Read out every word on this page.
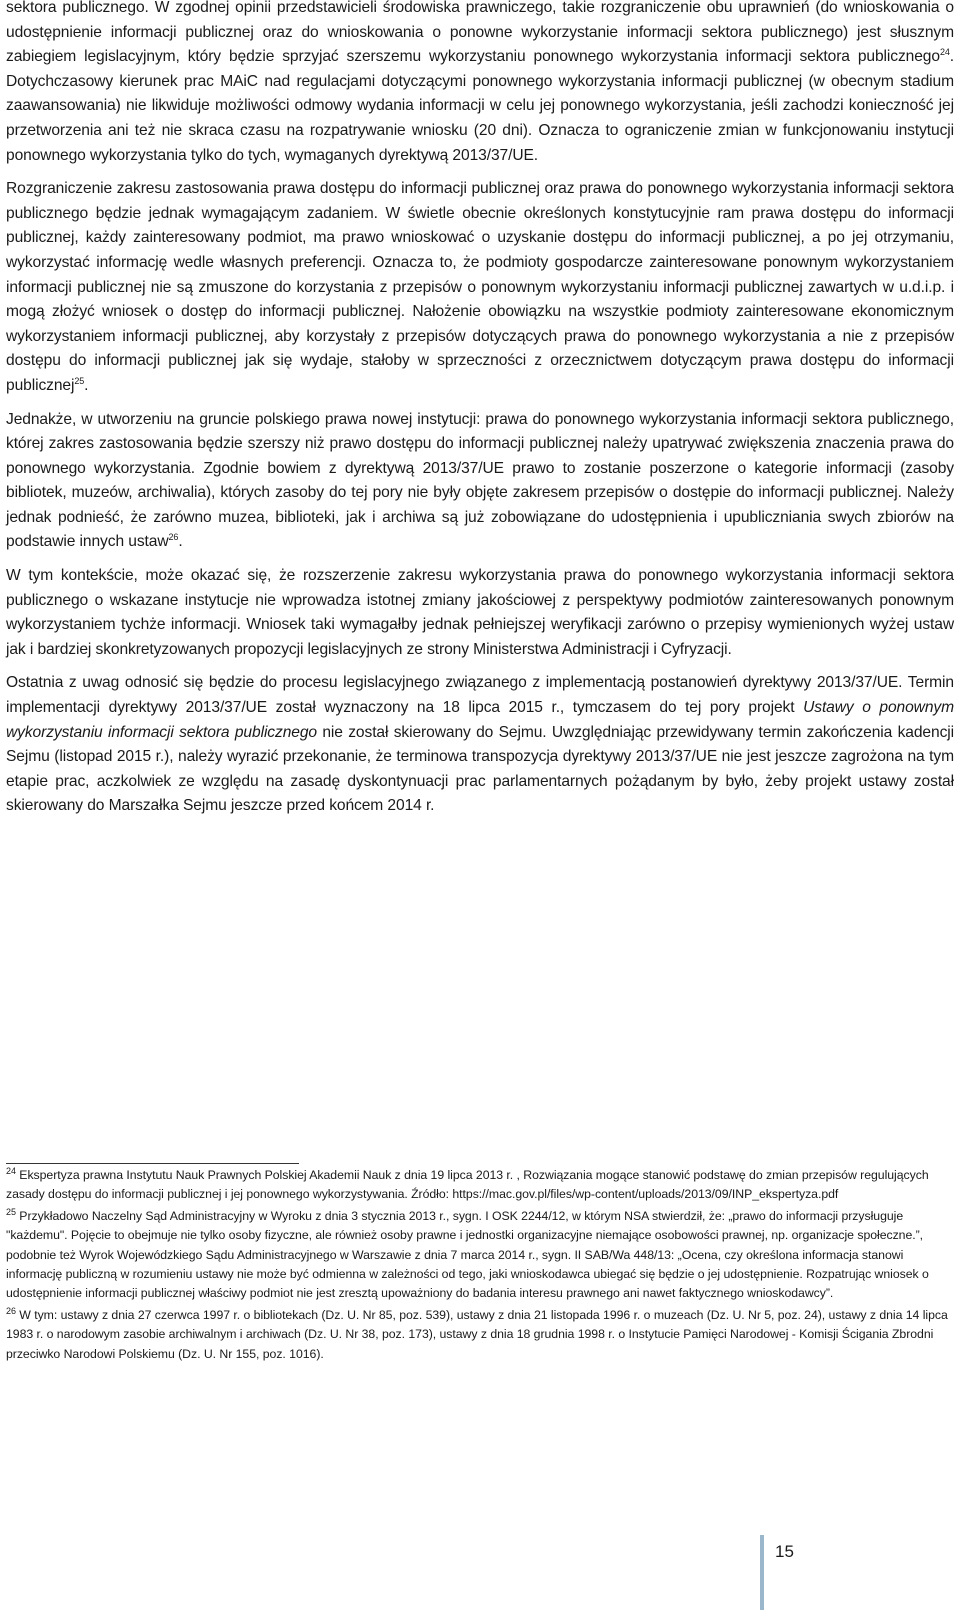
sektora publicznego. W zgodnej opinii przedstawicieli środowiska prawniczego, takie rozgraniczenie obu uprawnień (do wnioskowania o udostępnienie informacji publicznej oraz do wnioskowania o ponowne wykorzystanie informacji sektora publicznego) jest słusznym zabiegiem legislacyjnym, który będzie sprzyjać szerszemu wykorzystaniu ponownego wykorzystania informacji sektora publicznego$^{24}$. Dotychczasowy kierunek prac MAiC nad regulacjami dotyczącymi ponownego wykorzystania informacji publicznej (w obecnym stadium zaawansowania) nie likwiduje możliwości odmowy wydania informacji w celu jej ponownego wykorzystania, jeśli zachodzi konieczność jej przetworzenia ani też nie skraca czasu na rozpatrywanie wniosku (20 dni). Oznacza to ograniczenie zmian w funkcjonowaniu instytucji ponownego wykorzystania tylko do tych, wymaganych dyrektywą 2013/37/UE.

Rozgraniczenie zakresu zastosowania prawa dostępu do informacji publicznej oraz prawa do ponownego wykorzystania informacji sektora publicznego będzie jednak wymagającym zadaniem. W świetle obecnie określonych konstytucyjnie ram prawa dostępu do informacji publicznej, każdy zainteresowany podmiot, ma prawo wnioskować o uzyskanie dostępu do informacji publicznej, a po jej otrzymaniu, wykorzystać informację wedle własnych preferencji. Oznacza to, że podmioty gospodarcze zainteresowane ponownym wykorzystaniem informacji publicznej nie są zmuszone do korzystania z przepisów o ponownym wykorzystaniu informacji publicznej zawartych w u.d.i.p. i mogą złożyć wniosek o dostęp do informacji publicznej. Nałożenie obowiązku na wszystkie podmioty zainteresowane ekonomicznym wykorzystaniem informacji publicznej, aby korzystały z przepisów dotyczących prawa do ponownego wykorzystania a nie z przepisów dostępu do informacji publicznej jak się wydaje, stałoby w sprzeczności z orzecznictwem dotyczącym prawa dostępu do informacji publicznej$^{25}$.

Jednakże, w utworzeniu na gruncie polskiego prawa nowej instytucji: prawa do ponownego wykorzystania informacji sektora publicznego, której zakres zastosowania będzie szerszy niż prawo dostępu do informacji publicznej należy upatrywać zwiększenia znaczenia prawa do ponownego wykorzystania. Zgodnie bowiem z dyrektywą 2013/37/UE prawo to zostanie poszerzone o kategorie informacji (zasoby bibliotek, muzeów, archiwalia), których zasoby do tej pory nie były objęte zakresem przepisów o dostępie do informacji publicznej. Należy jednak podnieść, że zarówno muzea, biblioteki, jak i archiwa są już zobowiązane do udostępnienia i upubliczniania swych zbiorów na podstawie innych ustaw$^{26}$.

W tym kontekście, może okazać się, że rozszerzenie zakresu wykorzystania prawa do ponownego wykorzystania informacji sektora publicznego o wskazane instytucje nie wprowadza istotnej zmiany jakościowej z perspektywy podmiotów zainteresowanych ponownym wykorzystaniem tychże informacji. Wniosek taki wymagałby jednak pełniejszej weryfikacji zarówno o przepisy wymienionych wyżej ustaw jak i bardziej skonkretyzowanych propozycji legislacyjnych ze strony Ministerstwa Administracji i Cyfryzacji.

Ostatnia z uwag odnosić się będzie do procesu legislacyjnego związanego z implementacją postanowień dyrektywy 2013/37/UE. Termin implementacji dyrektywy 2013/37/UE został wyznaczony na 18 lipca 2015 r., tymczasem do tej pory projekt Ustawy o ponownym wykorzystaniu informacji sektora publicznego nie został skierowany do Sejmu. Uwzględniając przewidywany termin zakończenia kadencji Sejmu (listopad 2015 r.), należy wyrazić przekonanie, że terminowa transpozycja dyrektywy 2013/37/UE nie jest jeszcze zagrożona na tym etapie prac, aczkolwiek ze względu na zasadę dyskontynuacji prac parlamentarnych pożądanym by było, żeby projekt ustawy został skierowany do Marszałka Sejmu jeszcze przed końcem 2014 r.

$^{24}$ Ekspertyza prawna Instytutu Nauk Prawnych Polskiej Akademii Nauk z dnia 19 lipca 2013 r. , Rozwiązania mogące stanowić podstawę do zmian przepisów regulujących zasady dostępu do informacji publicznej i jej ponownego wykorzystywania. Źródło: https://mac.gov.pl/files/wp-content/uploads/2013/09/INP_ekspertyza.pdf

$^{25}$ Przykładowo Naczelny Sąd Administracyjny w Wyroku z dnia 3 stycznia 2013 r., sygn. I OSK 2244/12, w którym NSA stwierdził, że: „prawo do informacji przysługuje "każdemu". Pojęcie to obejmuje nie tylko osoby fizyczne, ale również osoby prawne i jednostki organizacyjne niemające osobowości prawnej, np. organizacje społeczne.”, podobnie też Wyrok Wojewódzkiego Sądu Administracyjnego w Warszawie z dnia 7 marca 2014 r., sygn. II SAB/Wa 448/13: „Ocena, czy określona informacja stanowi informację publiczną w rozumieniu ustawy nie może być odmienna w zależności od tego, jaki wnioskodawca ubiegać się będzie o jej udostępnienie. Rozpatrując wniosek o udostępnienie informacji publicznej właściwy podmiot nie jest zresztą upoważniony do badania interesu prawnego ani nawet faktycznego wnioskodawcy”.

$^{26}$ W tym: ustawy z dnia 27 czerwca 1997 r. o bibliotekach (Dz. U. Nr 85, poz. 539), ustawy z dnia 21 listopada 1996 r. o muzeach (Dz. U. Nr 5, poz. 24), ustawy z dnia 14 lipca 1983 r. o narodowym zasobie archiwalnym i archiwach (Dz. U. Nr 38, poz. 173), ustawy z dnia 18 grudnia 1998 r. o Instytucie Pamięci Narodowej - Komisji Ścigania Zbrodni przeciwko Narodowi Polskiemu (Dz. U. Nr 155, poz. 1016).

15
